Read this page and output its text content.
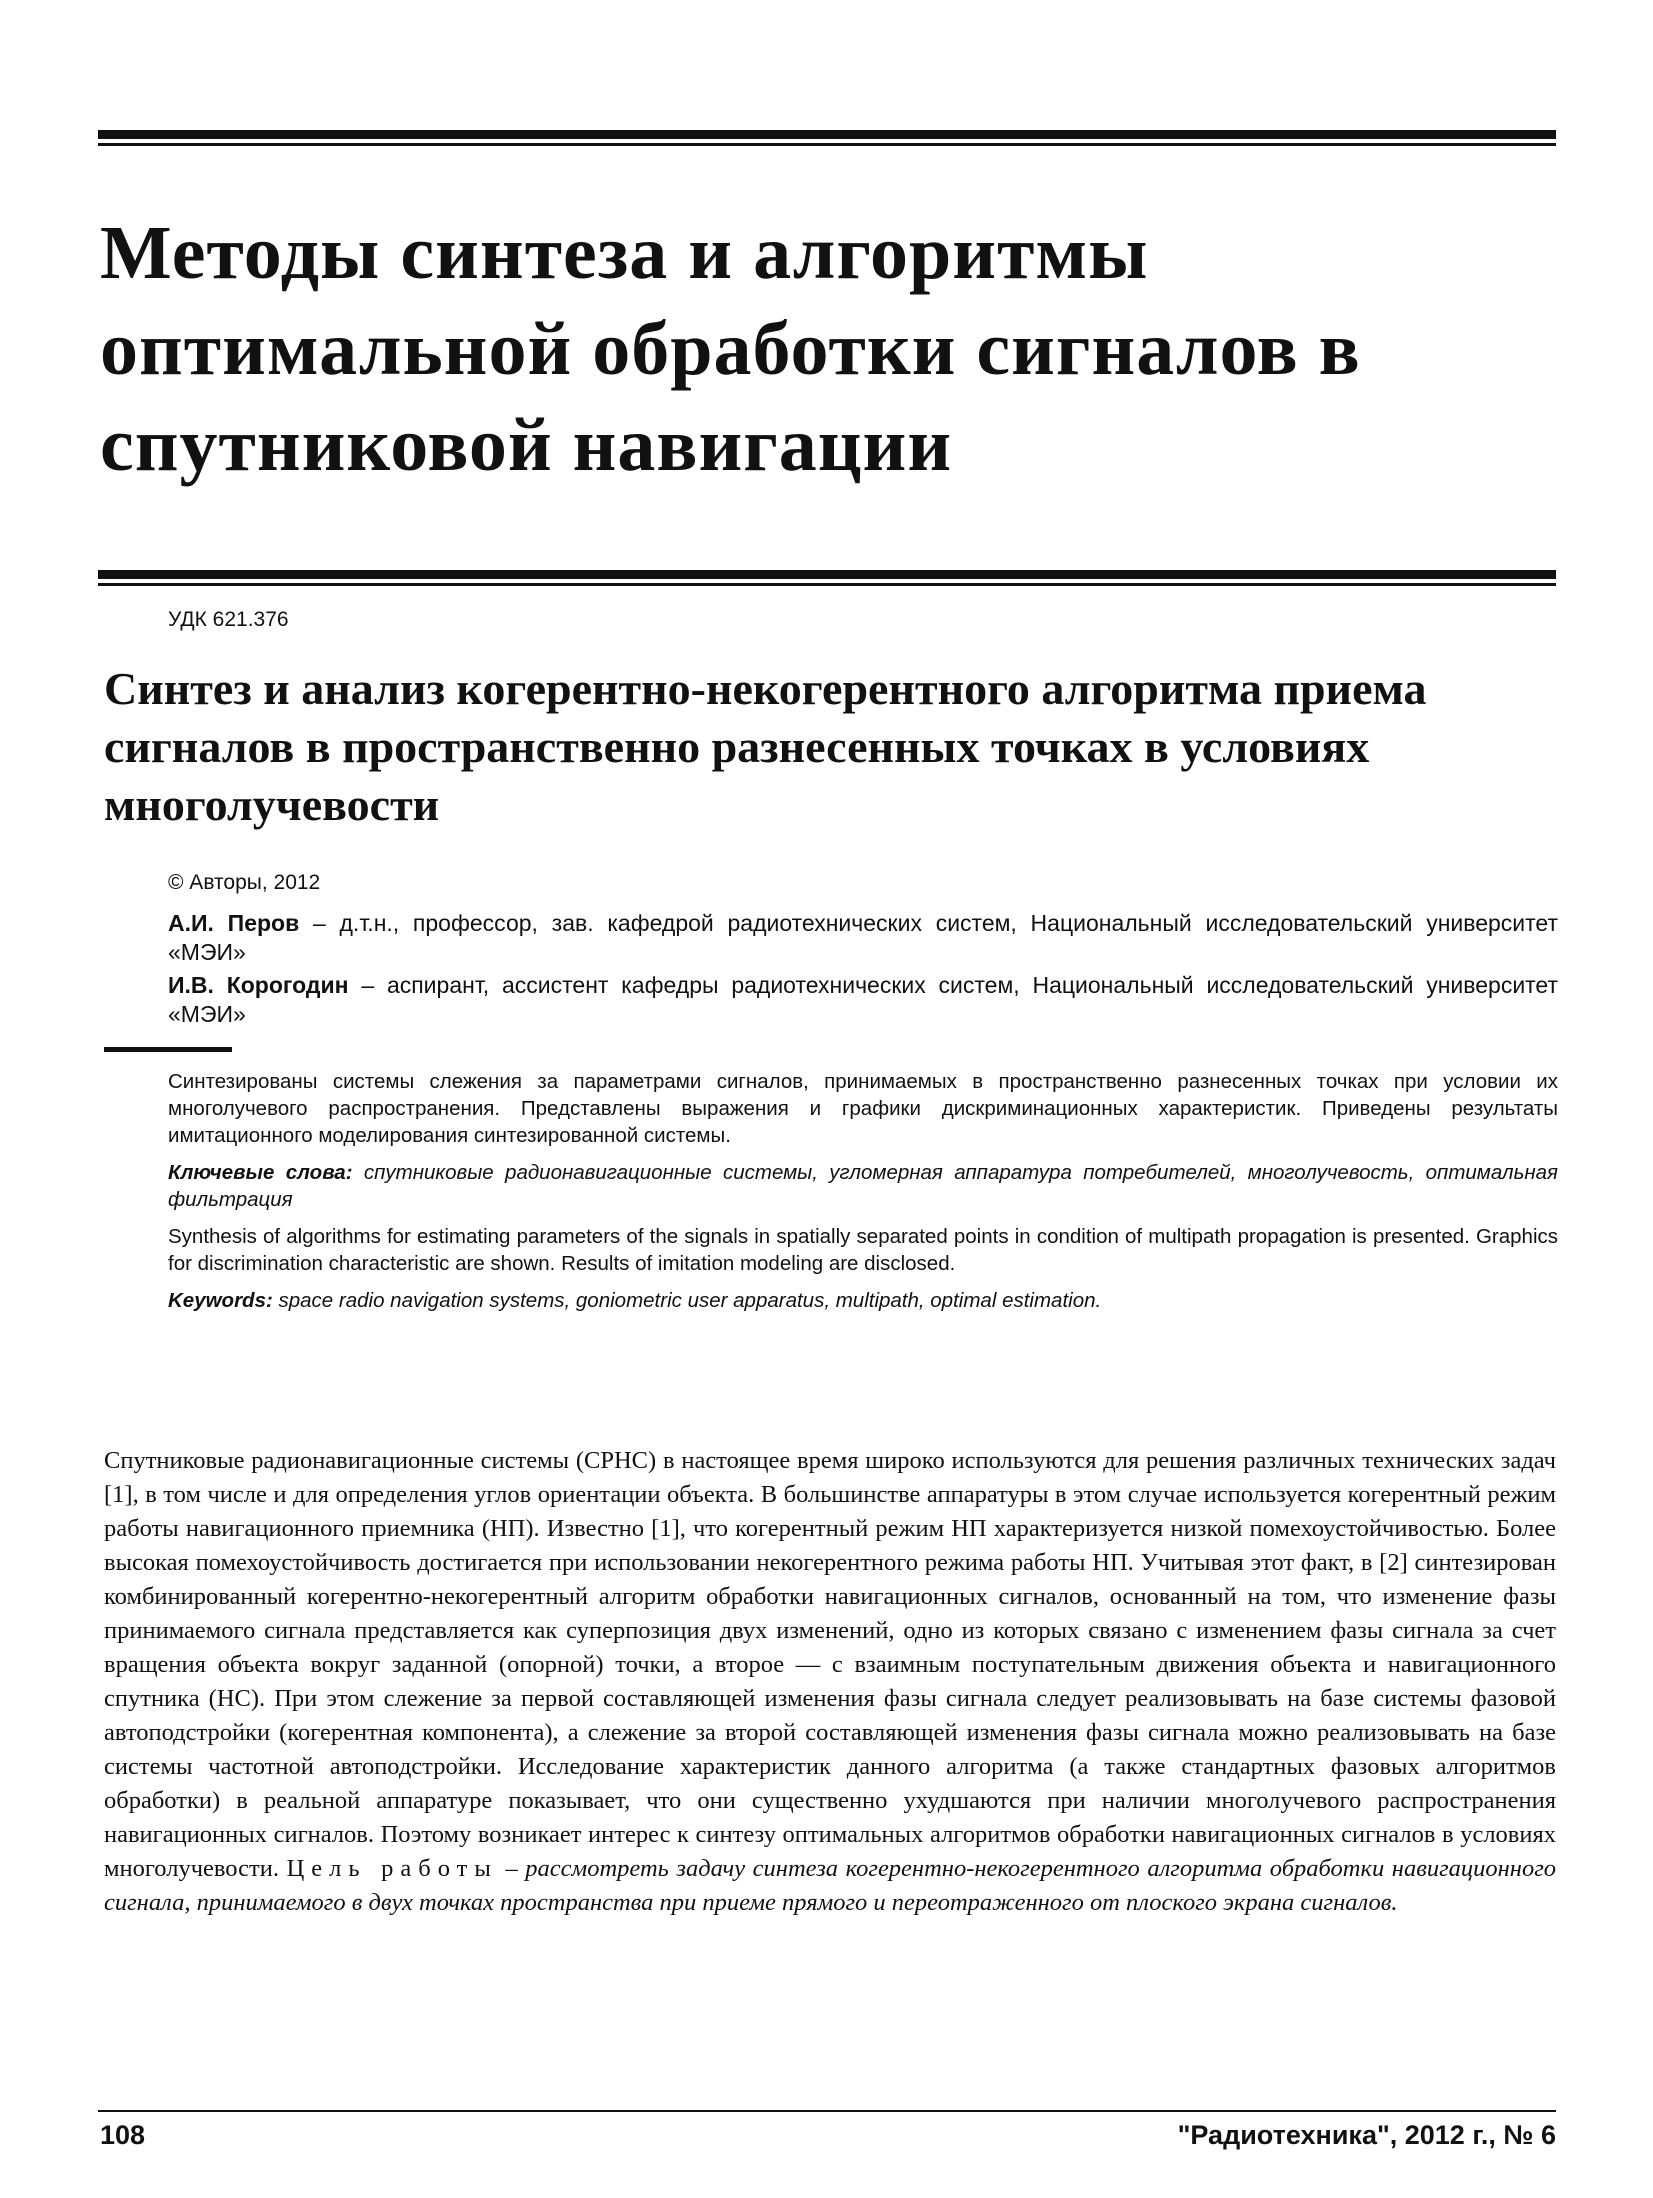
Методы синтеза и алгоритмы оптимальной обработки сигналов в спутниковой навигации
УДК 621.376
Синтез и анализ когерентно-некогерентного алгоритма приема сигналов в пространственно разнесенных точках в условиях многолучевости

© Авторы, 2012

А.И. Перов – д.т.н., профессор, зав. кафедрой радиотехнических систем, Национальный исследовательский университет «МЭИ»

И.В. Корогодин – аспирант, ассистент кафедры радиотехнических систем, Национальный исследовательский университет «МЭИ»

Синтезированы системы слежения за параметрами сигналов, принимаемых в пространственно разнесенных точках при условии их многолучевого распространения. Представлены выражения и графики дискриминационных характеристик. Приведены результаты имитационного моделирования синтезированной системы.

Ключевые слова: спутниковые радионавигационные системы, угломерная аппаратура потребителей, многолучевость, оптимальная фильтрация

Synthesis of algorithms for estimating parameters of the signals in spatially separated points in condition of multipath propagation is presented. Graphics for discrimination characteristic are shown. Results of imitation modeling are disclosed.

Keywords: space radio navigation systems, goniometric user apparatus, multipath, optimal estimation.

Спутниковые радионавигационные системы (СРНС) в настоящее время широко используются для решения различных технических задач [1], в том числе и для определения углов ориентации объекта. В большинстве аппаратуры в этом случае используется когерентный режим работы навигационного приемника (НП). Известно [1], что когерентный режим НП характеризуется низкой помехоустойчивостью. Более высокая помехоустойчивость достигается при использовании некогерентного режима работы НП. Учитывая этот факт, в [2] синтезирован комбинированный когерентно-некогерентный алгоритм обработки навигационных сигналов, основанный на том, что изменение фазы принимаемого сигнала представляется как суперпозиция двух изменений, одно из которых связано с изменением фазы сигнала за счет вращения объекта вокруг заданной (опорной) точки, а второе — с взаимным поступательным движения объекта и навигационного спутника (НС). При этом слежение за первой составляющей изменения фазы сигнала следует реализовывать на базе системы фазовой автоподстройки (когерентная компонента), а слежение за второй составляющей изменения фазы сигнала можно реализовывать на базе системы частотной автоподстройки. Исследование характеристик данного алгоритма (а также стандартных фазовых алгоритмов обработки) в реальной аппаратуре показывает, что они существенно ухудшаются при наличии многолучевого распространения навигационных сигналов. Поэтому возникает интерес к синтезу оптимальных алгоритмов обработки навигационных сигналов в условиях многолучевости. Цель работы – рассмотреть задачу синтеза когерентно-некогерентного алгоритма обработки навигационного сигнала, принимаемого в двух точках пространства при приеме прямого и переотраженного от плоского экрана сигналов.

108	"Радиотехника", 2012 г., № 6
